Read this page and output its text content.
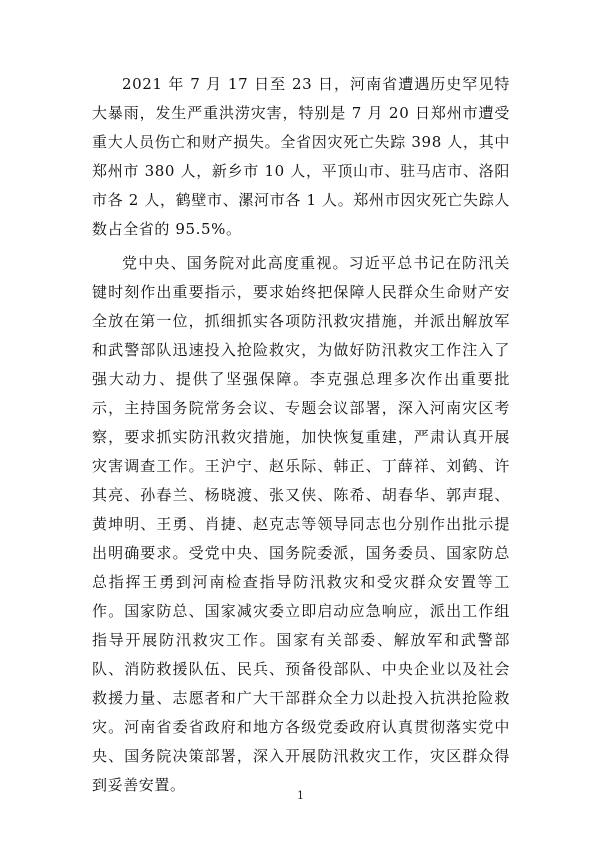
2021 年 7 月 17 日至 23 日，河南省遭遇历史罕见特大暴雨，发生严重洪涝灾害，特别是 7 月 20 日郑州市遭受重大人员伤亡和财产损失。全省因灾死亡失踪 398 人，其中郑州市 380 人，新乡市 10 人，平顶山市、驻马店市、洛阳市各 2 人，鹤壁市、漯河市各 1 人。郑州市因灾死亡失踪人数占全省的 95.5%。

党中央、国务院对此高度重视。习近平总书记在防汛关键时刻作出重要指示，要求始终把保障人民群众生命财产安全放在第一位，抓细抓实各项防汛救灾措施，并派出解放军和武警部队迅速投入抢险救灾，为做好防汛救灾工作注入了强大动力、提供了坚强保障。李克强总理多次作出重要批示，主持国务院常务会议、专题会议部署，深入河南灾区考察，要求抓实防汛救灾措施，加快恢复重建，严肃认真开展灾害调查工作。王沪宁、赵乐际、韩正、丁薛祥、刘鹤、许其亮、孙春兰、杨晓渡、张又侠、陈希、胡春华、郭声琨、黄坤明、王勇、肖捷、赵克志等领导同志也分别作出批示提出明确要求。受党中央、国务院委派，国务委员、国家防总总指挥王勇到河南检查指导防汛救灾和受灾群众安置等工作。国家防总、国家减灾委立即启动应急响应，派出工作组指导开展防汛救灾工作。国家有关部委、解放军和武警部队、消防救援队伍、民兵、预备役部队、中央企业以及社会救援力量、志愿者和广大干部群众全力以赴投入抗洪抢险救灾。河南省委省政府和地方各级党委政府认真贯彻落实党中央、国务院决策部署，深入开展防汛救灾工作，灾区群众得到妥善安置。

1
